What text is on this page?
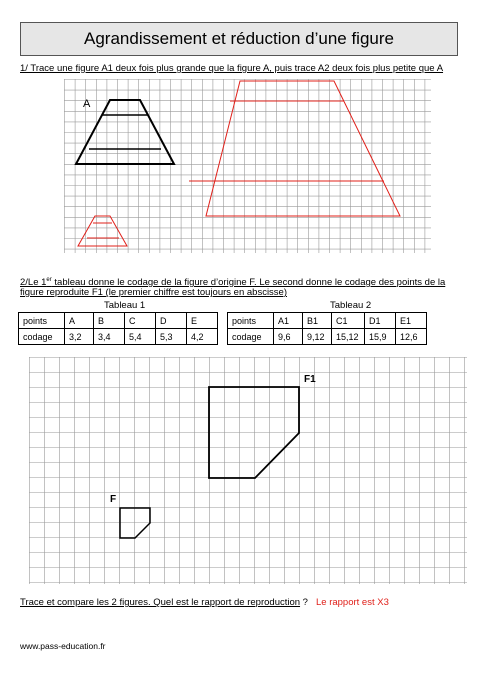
Agrandissement et réduction d’une figure
1/ Trace une figure A1 deux fois plus grande que la figure A, puis trace A2 deux fois plus petite que A
A
2/Le 1er tableau donne le codage de la figure d’origine F. Le second donne le codage des points de la
figure reproduite F1 (le premier chiffre est toujours en abscisse)
Tableau 1
points	A	B	C	D	E
codage	3,2	3,4	5,4	5,3	4,2
Tableau 2
points	A1	B1	C1	D1	E1
codage	9,6	9,12	15,12	15,9	12,6
F1
F
Trace et compare les 2 figures. Quel est le rapport de reproduction ? Le rapport est X3
www.pass-education.fr
